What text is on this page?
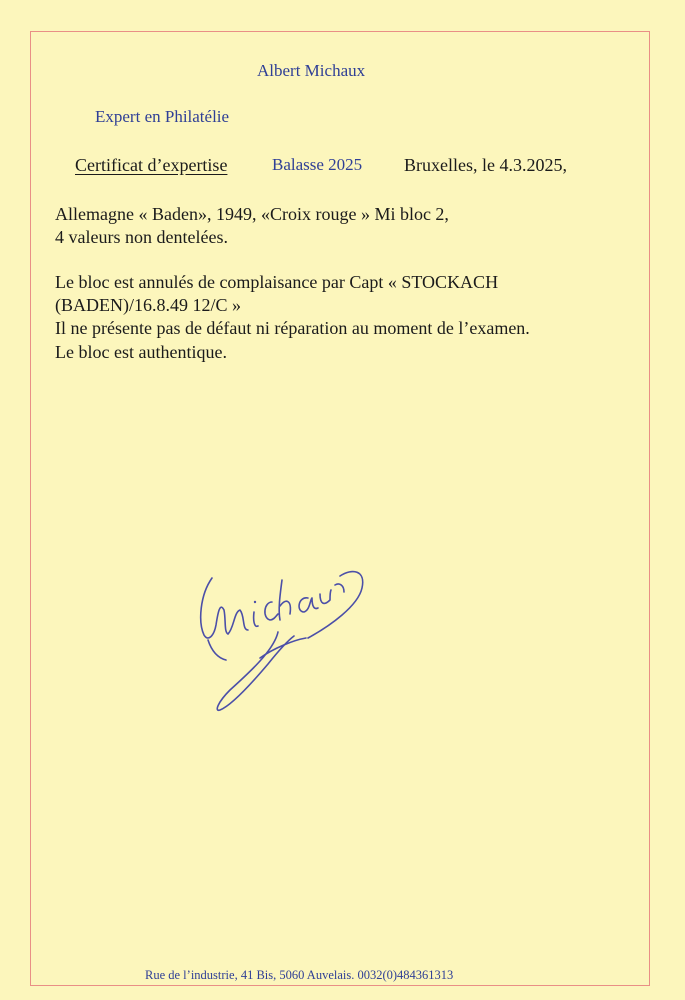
Albert Michaux
Expert en Philatélie
Certificat d’expertise	Balasse 2025 Bruxelles, le 4.3.2025,
Allemagne « Baden», 1949, «Croix rouge » Mi bloc 2,
4 valeurs non dentelées.
Le bloc est annulés de complaisance par Capt « STOCKACH
(BADEN)/16.8.49 12/C »
Il ne présente pas de défaut ni réparation au moment de l’examen.
Le bloc est authentique.
Rue de l’industrie, 41 Bis, 5060 Auvelais. 0032(0)484361313
